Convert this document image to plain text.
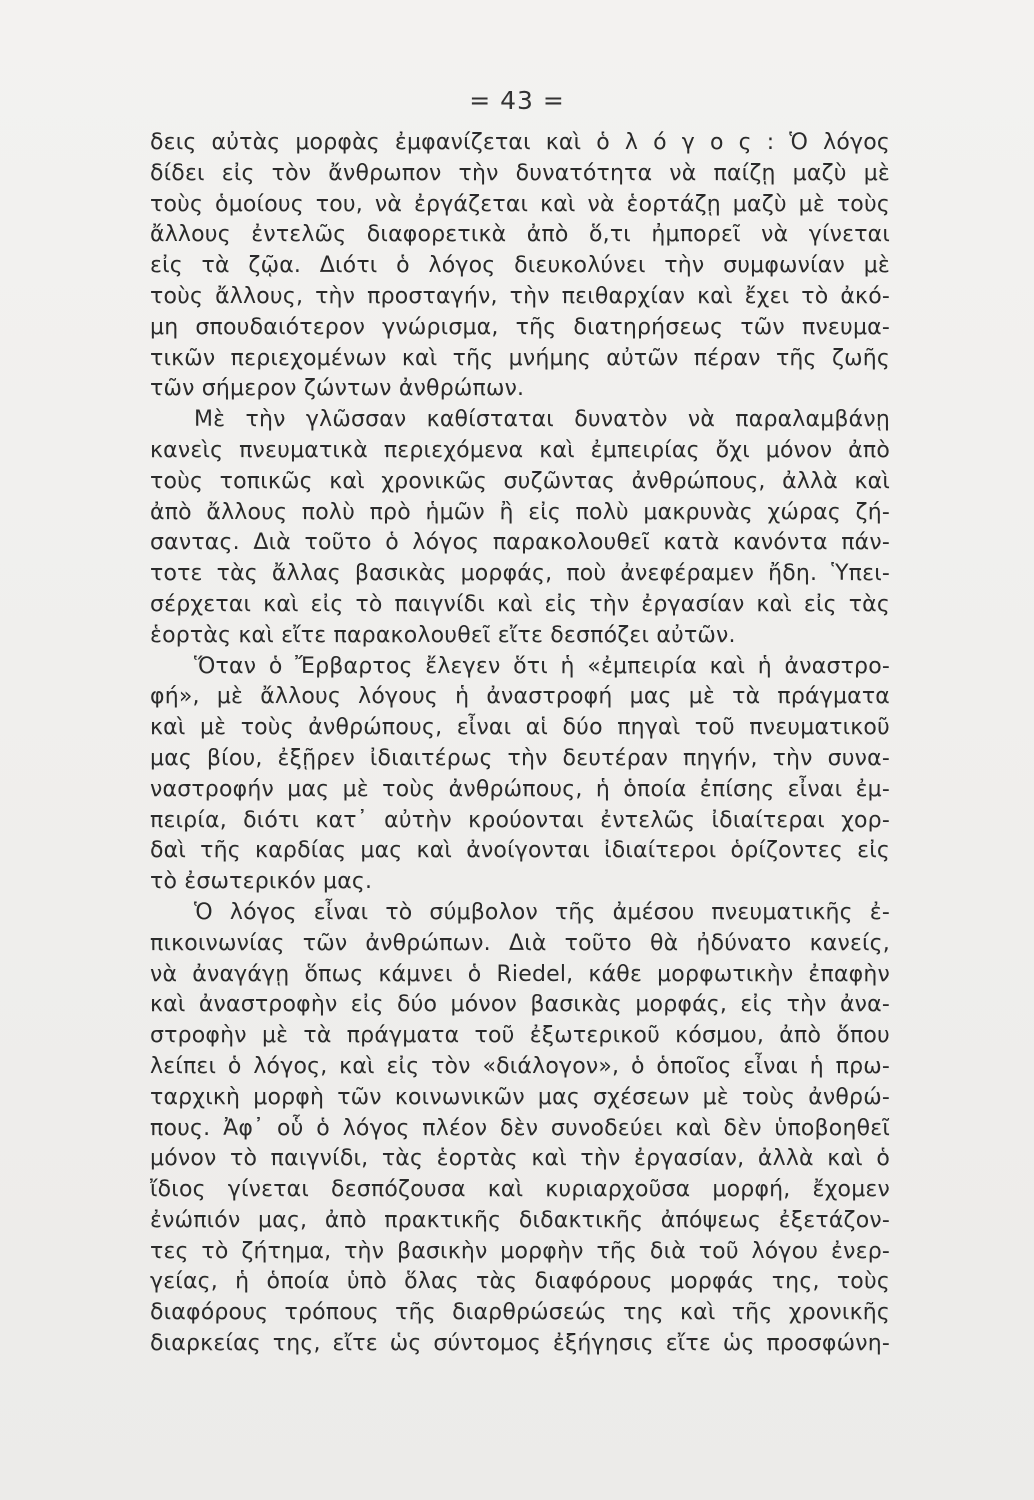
= 43 =
δεις αὐτὰς μορφὰς ἐμφανίζεται καὶ ὁ λ ό γ ο ς : Ὁ λόγος
δίδει εἰς τὸν ἄνθρωπον τὴν δυνατότητα νὰ παίζῃ μαζὺ μὲ
τοὺς ὁμοίους του, νὰ ἐργάζεται καὶ νὰ ἑορτάζῃ μαζὺ μὲ τοὺς
ἄλλους ἐντελῶς διαφορετικὰ ἀπὸ ὅ,τι ἠμπορεῖ νὰ γίνεται
εἰς τὰ ζῷα. Διότι ὁ λόγος διευκολύνει τὴν συμφωνίαν μὲ
τοὺς ἄλλους, τὴν προσταγήν, τὴν πειθαρχίαν καὶ ἔχει τὸ ἀκό-
μη σπουδαιότερον γνώρισμα, τῆς διατηρήσεως τῶν πνευμα-
τικῶν περιεχομένων καὶ τῆς μνήμης αὐτῶν πέραν τῆς ζωῆς
τῶν σήμερον ζώντων ἀνθρώπων.
Μὲ τὴν γλῶσσαν καθίσταται δυνατὸν νὰ παραλαμβάνῃ
κανεὶς πνευματικὰ περιεχόμενα καὶ ἐμπειρίας ὄχι μόνον ἀπὸ
τοὺς τοπικῶς καὶ χρονικῶς συζῶντας ἀνθρώπους, ἀλλὰ καὶ
ἀπὸ ἄλλους πολὺ πρὸ ἡμῶν ἢ εἰς πολὺ μακρυνὰς χώρας ζή-
σαντας. Διὰ τοῦτο ὁ λόγος παρακολουθεῖ κατὰ κανόντα πάν-
τοτε τὰς ἄλλας βασικὰς μορφάς, ποὺ ἀνεφέραμεν ἤδη. Ὑπει-
σέρχεται καὶ εἰς τὸ παιγνίδι καὶ εἰς τὴν ἐργασίαν καὶ εἰς τὰς
ἑορτὰς καὶ εἴτε παρακολουθεῖ εἴτε δεσπόζει αὐτῶν.
Ὅταν ὁ Ἔρβαρτος ἔλεγεν ὅτι ἡ «ἐμπειρία καὶ ἡ ἀναστρο-
φή», μὲ ἄλλους λόγους ἡ ἀναστροφή μας μὲ τὰ πράγματα
καὶ μὲ τοὺς ἀνθρώπους, εἶναι αἱ δύο πηγαὶ τοῦ πνευματικοῦ
μας βίου, ἐξῇρεν ἰδιαιτέρως τὴν δευτέραν πηγήν, τὴν συνα-
ναστροφήν μας μὲ τοὺς ἀνθρώπους, ἡ ὁποία ἐπίσης εἶναι ἐμ-
πειρία, διότι κατ᾽ αὐτὴν κρούονται ἐντελῶς ἰδιαίτεραι χορ-
δαὶ τῆς καρδίας μας καὶ ἀνοίγονται ἰδιαίτεροι ὁρίζοντες εἰς
τὸ ἐσωτερικόν μας.
Ὁ λόγος εἶναι τὸ σύμβολον τῆς ἀμέσου πνευματικῆς ἐ-
πικοινωνίας τῶν ἀνθρώπων. Διὰ τοῦτο θὰ ἠδύνατο κανείς,
νὰ ἀναγάγῃ ὅπως κάμνει ὁ Riedel, κάθε μορφωτικὴν ἐπαφὴν
καὶ ἀναστροφὴν εἰς δύο μόνον βασικὰς μορφάς, εἰς τὴν ἀνα-
στροφὴν μὲ τὰ πράγματα τοῦ ἐξωτερικοῦ κόσμου, ἀπὸ ὅπου
λείπει ὁ λόγος, καὶ εἰς τὸν «διάλογον», ὁ ὁποῖος εἶναι ἡ πρω-
ταρχικὴ μορφὴ τῶν κοινωνικῶν μας σχέσεων μὲ τοὺς ἀνθρώ-
πους. Ἀφ᾽ οὗ ὁ λόγος πλέον δὲν συνοδεύει καὶ δὲν ὑποβοηθεῖ
μόνον τὸ παιγνίδι, τὰς ἑορτὰς καὶ τὴν ἐργασίαν, ἀλλὰ καὶ ὁ
ἴδιος γίνεται δεσπόζουσα καὶ κυριαρχοῦσα μορφή, ἔχομεν
ἐνώπιόν μας, ἀπὸ πρακτικῆς διδακτικῆς ἀπόψεως ἐξετάζον-
τες τὸ ζήτημα, τὴν βασικὴν μορφὴν τῆς διὰ τοῦ λόγου ἐνερ-
γείας, ἡ ὁποία ὑπὸ ὅλας τὰς διαφόρους μορφάς της, τοὺς
διαφόρους τρόπους τῆς διαρθρώσεώς της καὶ τῆς χρονικῆς
διαρκείας της, εἴτε ὡς σύντομος ἐξήγησις εἴτε ὡς προσφώνη-
